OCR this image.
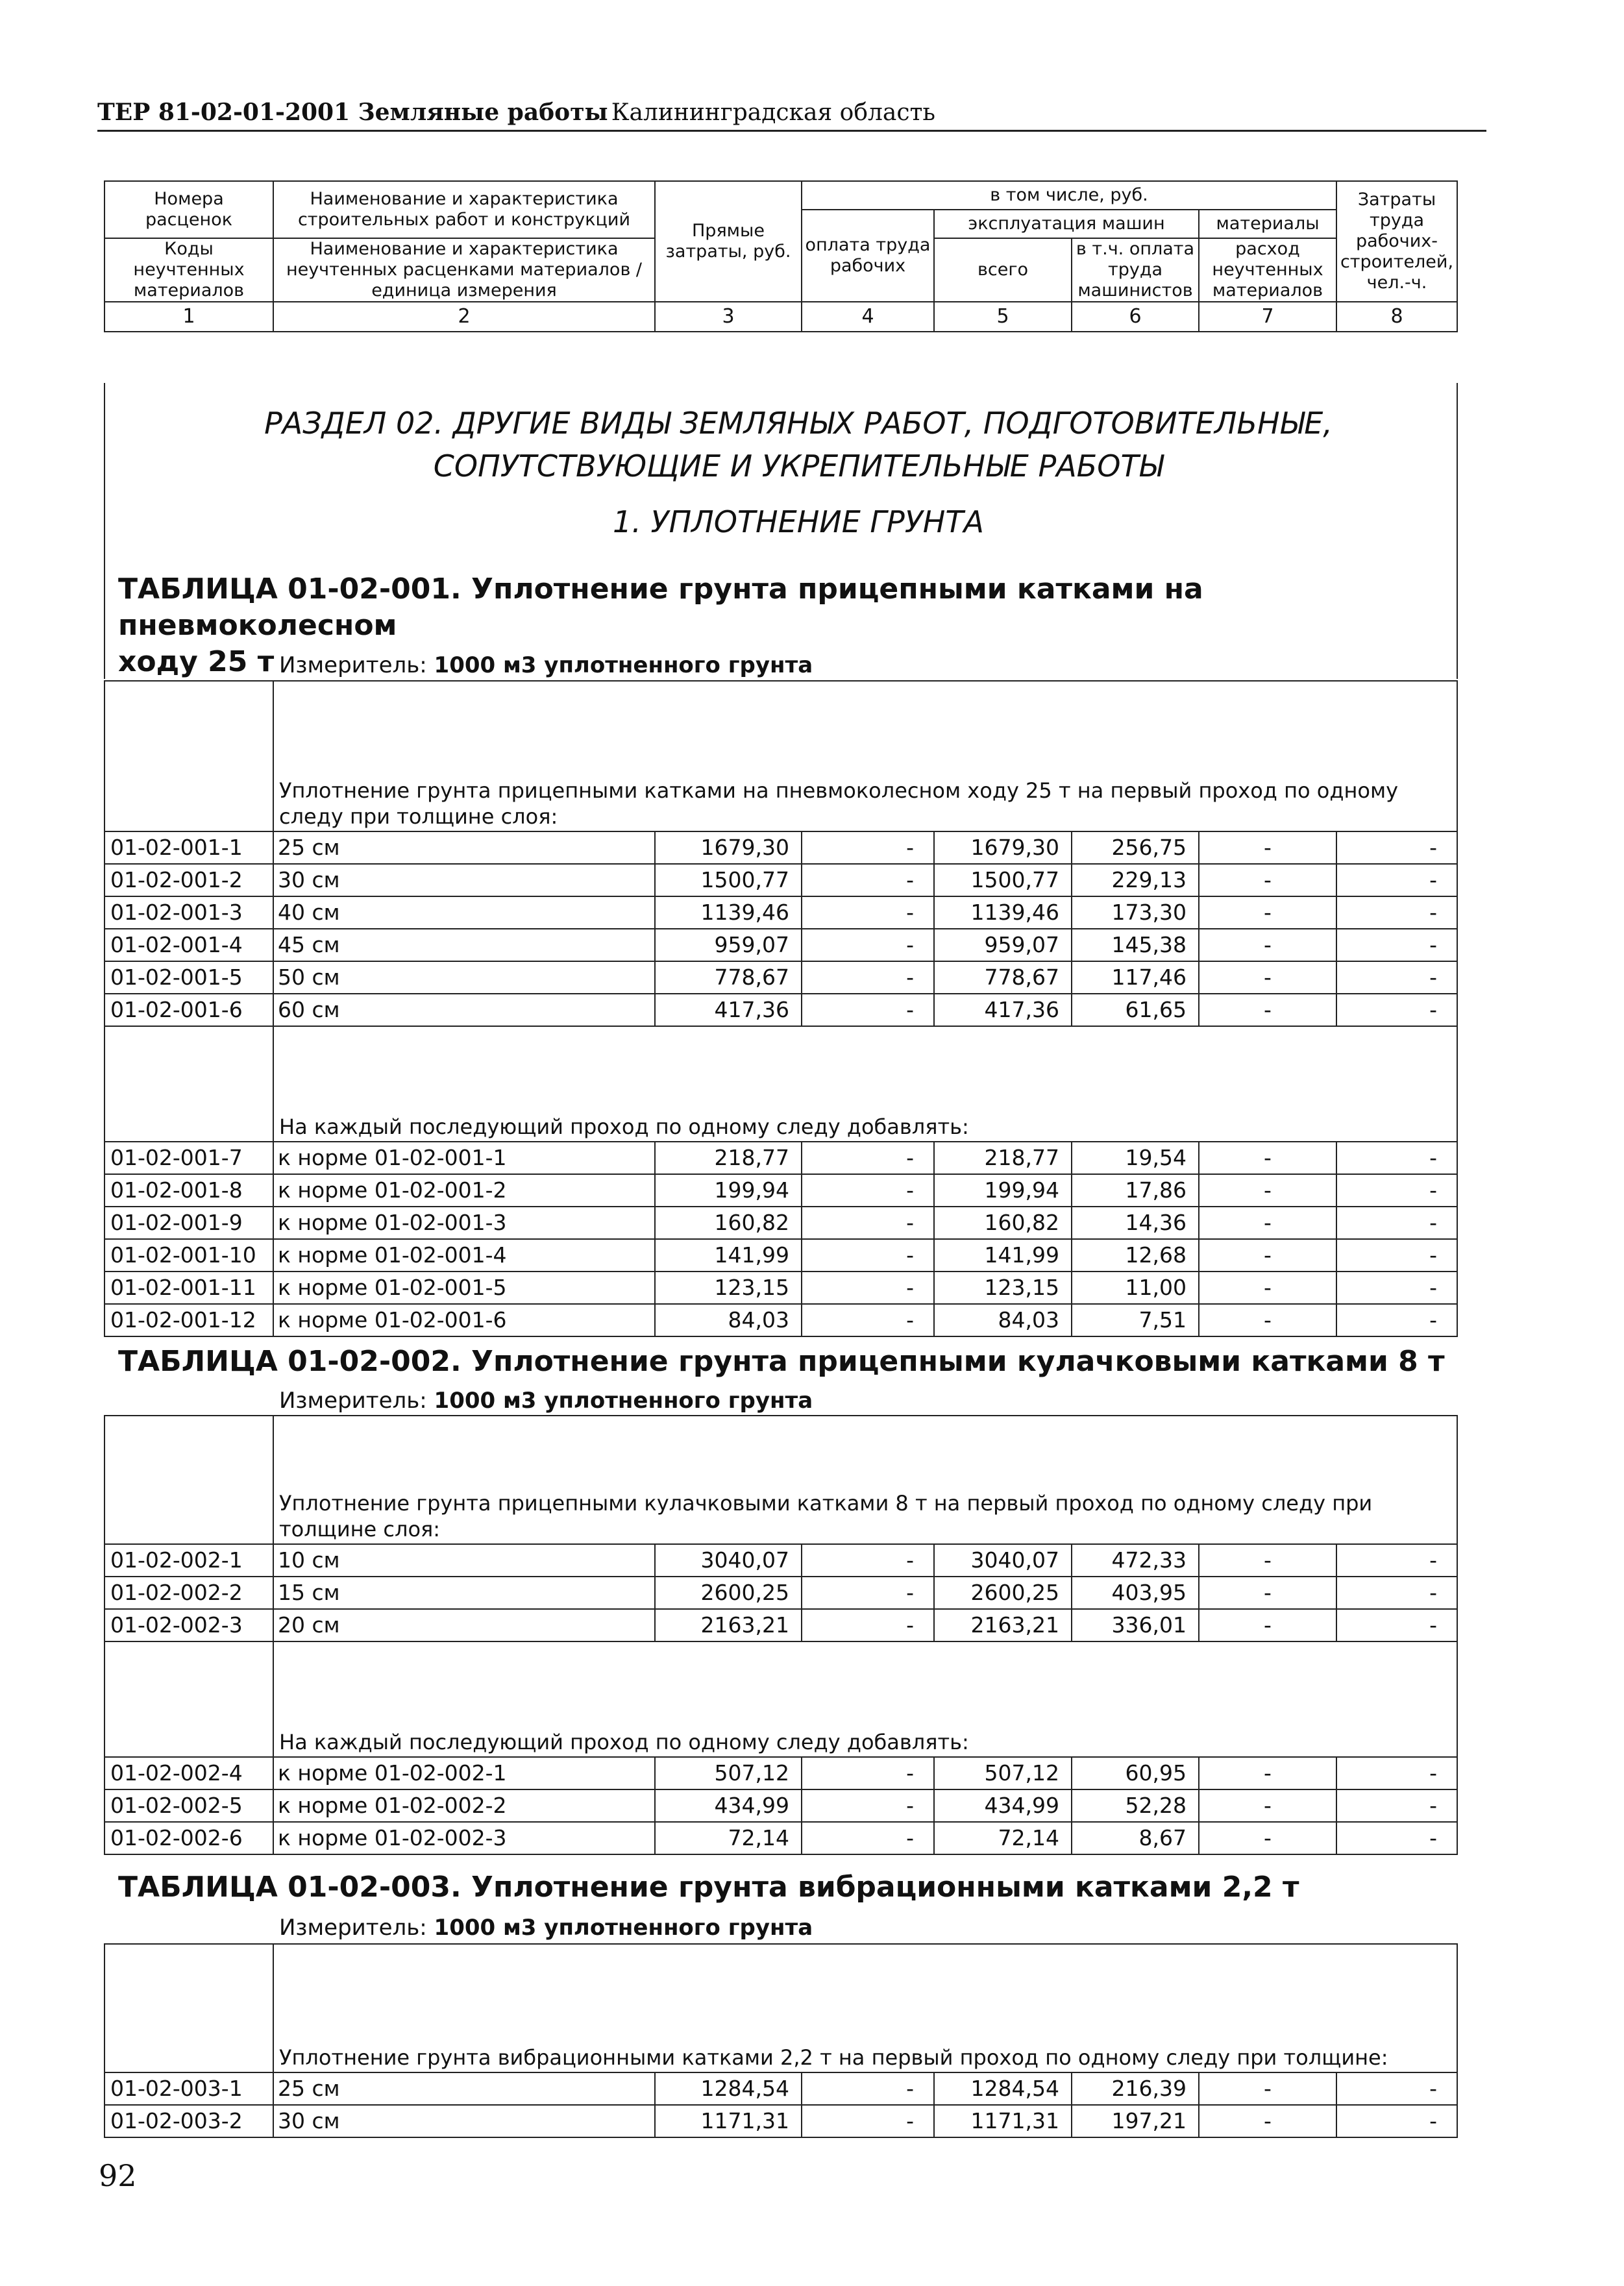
ТЕР 81-02-01-2001 Земляные работы Калининградская область
Номера расценок	Наименование и характеристика строительных работ и конструкций	Прямые затраты, руб.	в том числе, руб.				Затраты труда рабочих-строителей, чел.-ч.
			оплата труда рабочих	эксплуатация машин		материалы	
Коды неучтенных материалов	Наименование и характеристика неучтенных расценками материалов / единица измерения			всего	в т.ч. оплата труда машинистов	расход неучтенных материалов	

1	2	3	4	5	6	7	8
РАЗДЕЛ 02. ДРУГИЕ ВИДЫ ЗЕМЛЯНЫХ РАБОТ, ПОДГОТОВИТЕЛЬНЫЕ,
СОПУТСТВУЮЩИЕ И УКРЕПИТЕЛЬНЫЕ РАБОТЫ
1. УПЛОТНЕНИЕ ГРУНТА
ТАБЛИЦА 01-02-001. Уплотнение грунта прицепными катками на пневмоколесном
ходу 25 т Измеритель: 1000 м3 уплотненного грунта
	Уплотнение грунта прицепными катками на пневмоколесном ходу 25 т на первый проход по одному следу при толщине слоя:						
01-02-001-1	25 см	1679,30	-	1679,30	256,75	-	-
01-02-001-2	30 см	1500,77	-	1500,77	229,13	-	-
01-02-001-3	40 см	1139,46	-	1139,46	173,30	-	-
01-02-001-4	45 см	959,07	-	959,07	145,38	-	-
01-02-001-5	50 см	778,67	-	778,67	117,46	-	-
01-02-001-6	60 см	417,36	-	417,36	61,65	-	-
	На каждый последующий проход по одному следу добавлять:						
01-02-001-7	к норме 01-02-001-1	218,77	-	218,77	19,54	-	-
01-02-001-8	к норме 01-02-001-2	199,94	-	199,94	17,86	-	-
01-02-001-9	к норме 01-02-001-3	160,82	-	160,82	14,36	-	-
01-02-001-10	к норме 01-02-001-4	141,99	-	141,99	12,68	-	-
01-02-001-11	к норме 01-02-001-5	123,15	-	123,15	11,00	-	-
01-02-001-12	к норме 01-02-001-6	84,03	-	84,03	7,51	-	-
ТАБЛИЦА 01-02-002. Уплотнение грунта прицепными кулачковыми катками 8 т
Измеритель: 1000 м3 уплотненного грунта
	Уплотнение грунта прицепными кулачковыми катками 8 т на первый проход по одному следу при толщине слоя:						
01-02-002-1	10 см	3040,07	-	3040,07	472,33	-	-
01-02-002-2	15 см	2600,25	-	2600,25	403,95	-	-
01-02-002-3	20 см	2163,21	-	2163,21	336,01	-	-
	На каждый последующий проход по одному следу добавлять:						
01-02-002-4	к норме 01-02-002-1	507,12	-	507,12	60,95	-	-
01-02-002-5	к норме 01-02-002-2	434,99	-	434,99	52,28	-	-
01-02-002-6	к норме 01-02-002-3	72,14	-	72,14	8,67	-	-
ТАБЛИЦА 01-02-003. Уплотнение грунта вибрационными катками 2,2 т
Измеритель: 1000 м3 уплотненного грунта
	Уплотнение грунта вибрационными катками 2,2 т на первый проход по одному следу при толщине:						
01-02-003-1	25 см	1284,54	-	1284,54	216,39	-	-
01-02-003-2	30 см	1171,31	-	1171,31	197,21	-	-
92
